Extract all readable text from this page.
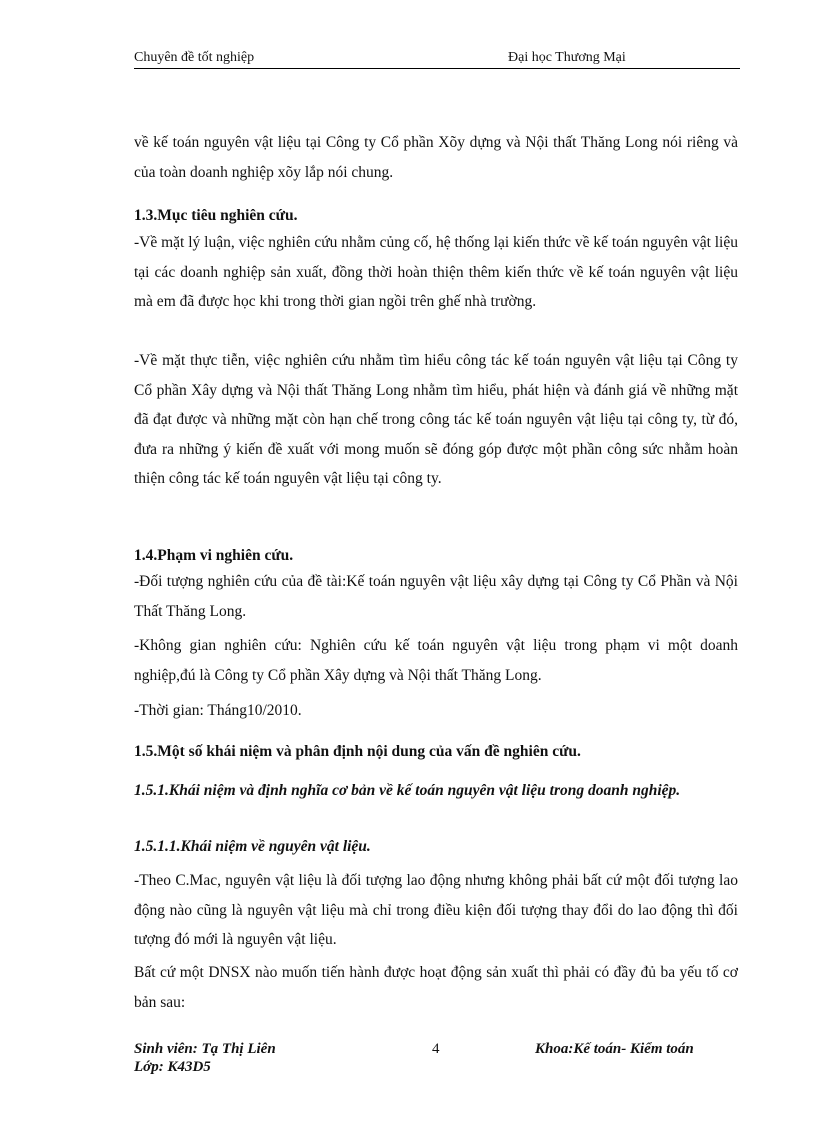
Chuyên đề tốt nghiệp	Đại học Thương Mại
về kế toán nguyên vật liệu tại Công ty Cổ phần Xõy dựng và Nội thất Thăng Long nói riêng và của toàn doanh nghiệp xõy lắp nói chung.
1.3.Mục tiêu nghiên cứu.
-Về mặt lý luận, việc nghiên cứu nhằm củng cố, hệ thống lại kiến thức về kế toán nguyên vật liệu tại các doanh nghiệp sản xuất, đồng thời hoàn thiện thêm kiến thức về kế toán nguyên vật liệu mà em đã được học khi trong thời gian ngồi trên ghế nhà trường.
-Về mặt thực tiễn, việc nghiên cứu nhằm tìm hiểu công tác kế toán nguyên vật liệu tại Công ty Cổ phần Xây dựng và Nội thất Thăng Long nhằm tìm hiểu, phát hiện và đánh giá về những mặt đã đạt được và những mặt còn hạn chế trong công tác kế toán nguyên vật liệu tại công ty, từ đó, đưa ra những ý kiến đề xuất với mong muốn sẽ đóng góp được một phần công sức nhằm hoàn thiện công tác kế toán nguyên vật liệu tại công ty.
1.4.Phạm vi nghiên cứu.
-Đối tượng nghiên cứu của đề tài:Kế toán nguyên vật liệu xây dựng tại Công ty Cổ Phần và Nội Thất Thăng Long.
-Không gian nghiên cứu: Nghiên cứu kế toán nguyên vật liệu trong phạm vi một doanh nghiệp,đú là Công ty Cổ phần Xây dựng và Nội thất Thăng Long.
-Thời gian: Tháng10/2010.
1.5.Một số khái niệm và phân định nội dung của vấn đề nghiên cứu.
1.5.1.Khái niệm và định nghĩa cơ bản về kế toán nguyên vật liệu trong doanh nghiệp.
1.5.1.1.Khái niệm về nguyên vật liệu.
-Theo C.Mac, nguyên vật liệu là đối tượng lao động nhưng không phải bất cứ một đối tượng lao động nào cũng là nguyên vật liệu mà chỉ trong điều kiện đối tượng thay đổi do lao động thì đối tượng đó mới là nguyên vật liệu.
Bất cứ một DNSX nào muốn tiến hành được hoạt động sản xuất thì phải có đầy đủ ba yếu tố cơ bản sau:
Sinh viên: Tạ Thị Liên
Lớp: K43D5
4	Khoa:Kế toán- Kiểm toán
